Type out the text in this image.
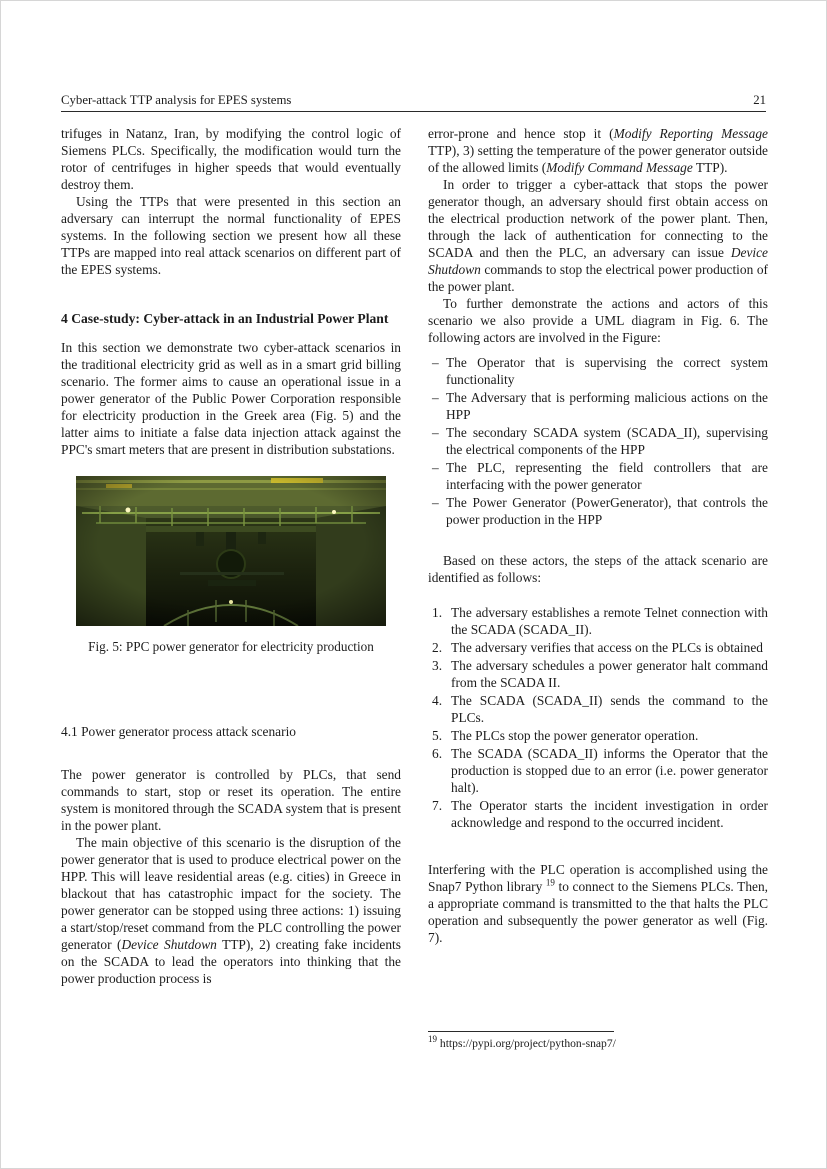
Cyber-attack TTP analysis for EPES systems	21

trifuges in Natanz, Iran, by modifying the control logic of Siemens PLCs. Specifically, the modification would turn the rotor of centrifuges in higher speeds that would eventually destroy them.

Using the TTPs that were presented in this section an adversary can interrupt the normal functionality of EPES systems. In the following section we present how all these TTPs are mapped into real attack scenarios on different part of the EPES systems.

4 Case-study: Cyber-attack in an Industrial Power Plant

In this section we demonstrate two cyber-attack scenarios in the traditional electricity grid as well as in a smart grid billing scenario. The former aims to cause an operational issue in a power generator of the Public Power Corporation responsible for electricity production in the Greek area (Fig. 5) and the latter aims to initiate a false data injection attack against the PPC's smart meters that are present in distribution substations.

Fig. 5: PPC power generator for electricity production
4.1 Power generator process attack scenario

The power generator is controlled by PLCs, that send commands to start, stop or reset its operation. The entire system is monitored through the SCADA system that is present in the power plant.

The main objective of this scenario is the disruption of the power generator that is used to produce electrical power on the HPP. This will leave residential areas (e.g. cities) in Greece in blackout that has catastrophic impact for the society. The power generator can be stopped using three actions: 1) issuing a start/stop/reset command from the PLC controlling the power generator (Device Shutdown TTP), 2) creating fake incidents on the SCADA to lead the operators into thinking that the power production process is

error-prone and hence stop it (Modify Reporting Message TTP), 3) setting the temperature of the power generator outside of the allowed limits (Modify Command Message TTP).

In order to trigger a cyber-attack that stops the power generator though, an adversary should first obtain access on the electrical production network of the power plant. Then, through the lack of authentication for connecting to the SCADA and then the PLC, an adversary can issue Device Shutdown commands to stop the electrical power production of the power plant.

To further demonstrate the actions and actors of this scenario we also provide a UML diagram in Fig. 6. The following actors are involved in the Figure:

– The Operator that is supervising the correct system functionality
– The Adversary that is performing malicious actions on the HPP
– The secondary SCADA system (SCADA_II), supervising the electrical components of the HPP
– The PLC, representing the field controllers that are interfacing with the power generator
– The Power Generator (PowerGenerator), that controls the power production in the HPP

Based on these actors, the steps of the attack scenario are identified as follows:

1. The adversary establishes a remote Telnet connection with the SCADA (SCADA_II).
2. The adversary verifies that access on the PLCs is obtained
3. The adversary schedules a power generator halt command from the SCADA II.
4. The SCADA (SCADA_II) sends the command to the PLCs.
5. The PLCs stop the power generator operation.
6. The SCADA (SCADA_II) informs the Operator that the production is stopped due to an error (i.e. power generator halt).
7. The Operator starts the incident investigation in order acknowledge and respond to the occurred incident.

Interfering with the PLC operation is accomplished using the Snap7 Python library $^{19}$ to connect to the Siemens PLCs. Then, a appropriate command is transmitted to the that halts the PLC operation and subsequently the power generator as well (Fig. 7).

$^{19}$ https://pypi.org/project/python-snap7/
